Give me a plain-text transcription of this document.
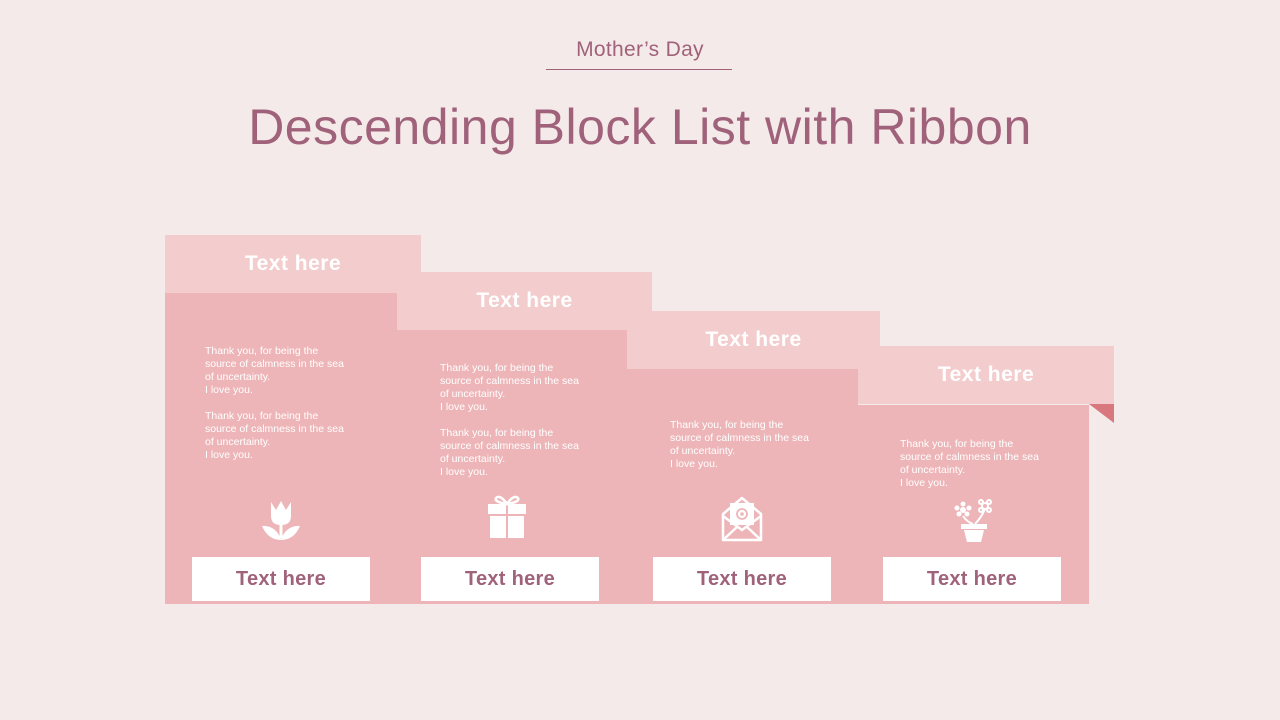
Mother’s Day
Descending Block List with Ribbon
Text here
Text here
Text here
Text here
Thank you, for being the
source of calmness in the sea
of uncertainty.
I love you.

Thank you, for being the
source of calmness in the sea
of uncertainty.
I love you.
Thank you, for being the
source of calmness in the sea
of uncertainty.
I love you.

Thank you, for being the
source of calmness in the sea
of uncertainty.
I love you.
Thank you, for being the
source of calmness in the sea
of uncertainty.
I love you.
Thank you, for being the
source of calmness in the sea
of uncertainty.
I love you.
Text here	Text here	Text here	Text here
